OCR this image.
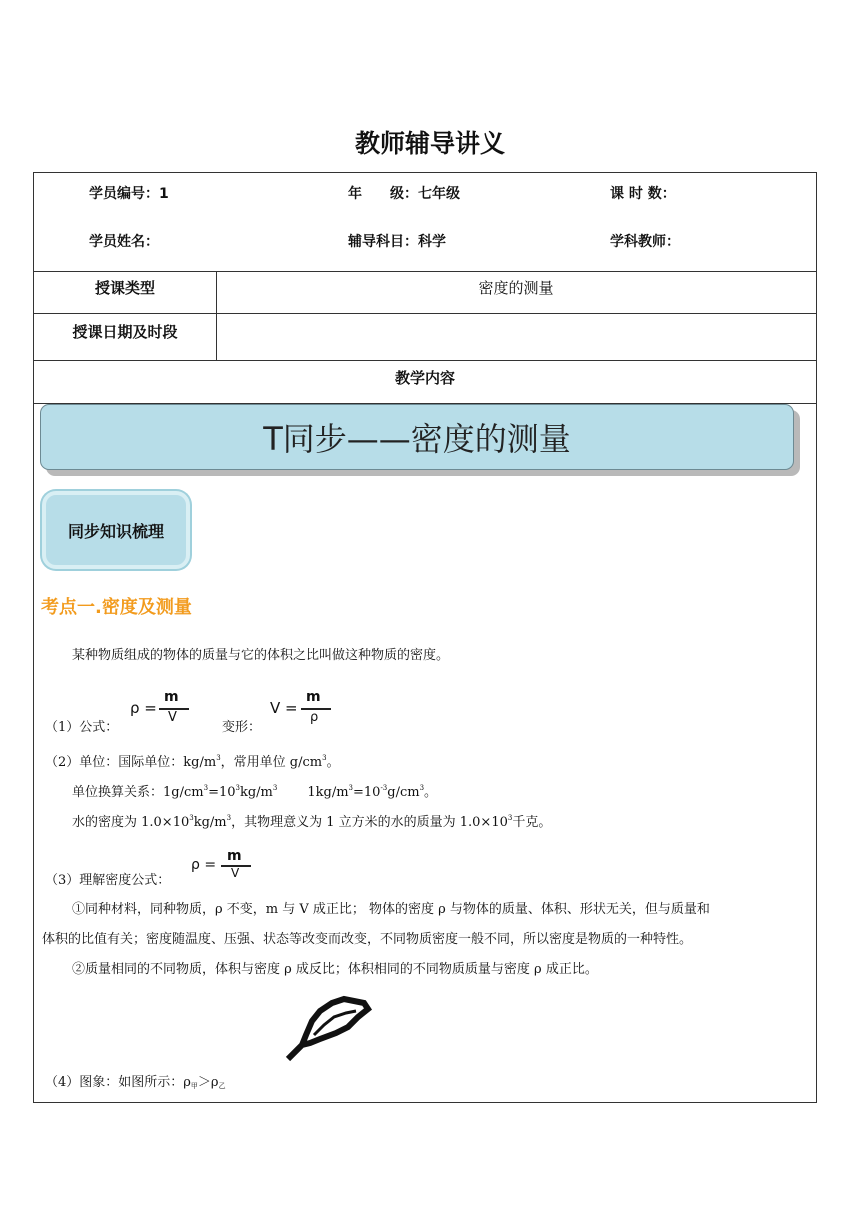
教师辅导讲义
学员编号：1	年　　级：七年级	课 时 数：
学员姓名：	辅导科目：科学	学科教师：
授课类型	密度的测量
授课日期及时段
教学内容
T同步——密度的测量
同步知识梳理
考点一.密度及测量
某种物质组成的物体的质量与它的体积之比叫做这种物质的密度。
ρ =
m
V
V =
m
ρ
（1）公式：	变形：
（2）单位：国际单位：$kg/m^3$，常用单位 $g/cm^3$。
单位换算关系：$1g/cm^3=10^3kg/m^3$ $1kg/m^3=10^{-3}g/cm^3$。
水的密度为 $1.0\times 10^3kg/m^3$，其物理意义为 1 立方米的水的质量为 $1.0\times 10^3$千克。
ρ =
m
V
（3）理解密度公式：
①同种材料，同种物质，ρ 不变，m 与 V 成正比； 物体的密度 ρ 与物体的质量、体积、形状无关，但与质量和
体积的比值有关；密度随温度、压强、状态等改变而改变，不同物质密度一般不同，所以密度是物质的一种特性。
②质量相同的不同物质，体积与密度 ρ 成反比；体积相同的不同物质质量与密度 ρ 成正比。
（4）图象：如图所示：$\rho_甲>\rho_乙$
